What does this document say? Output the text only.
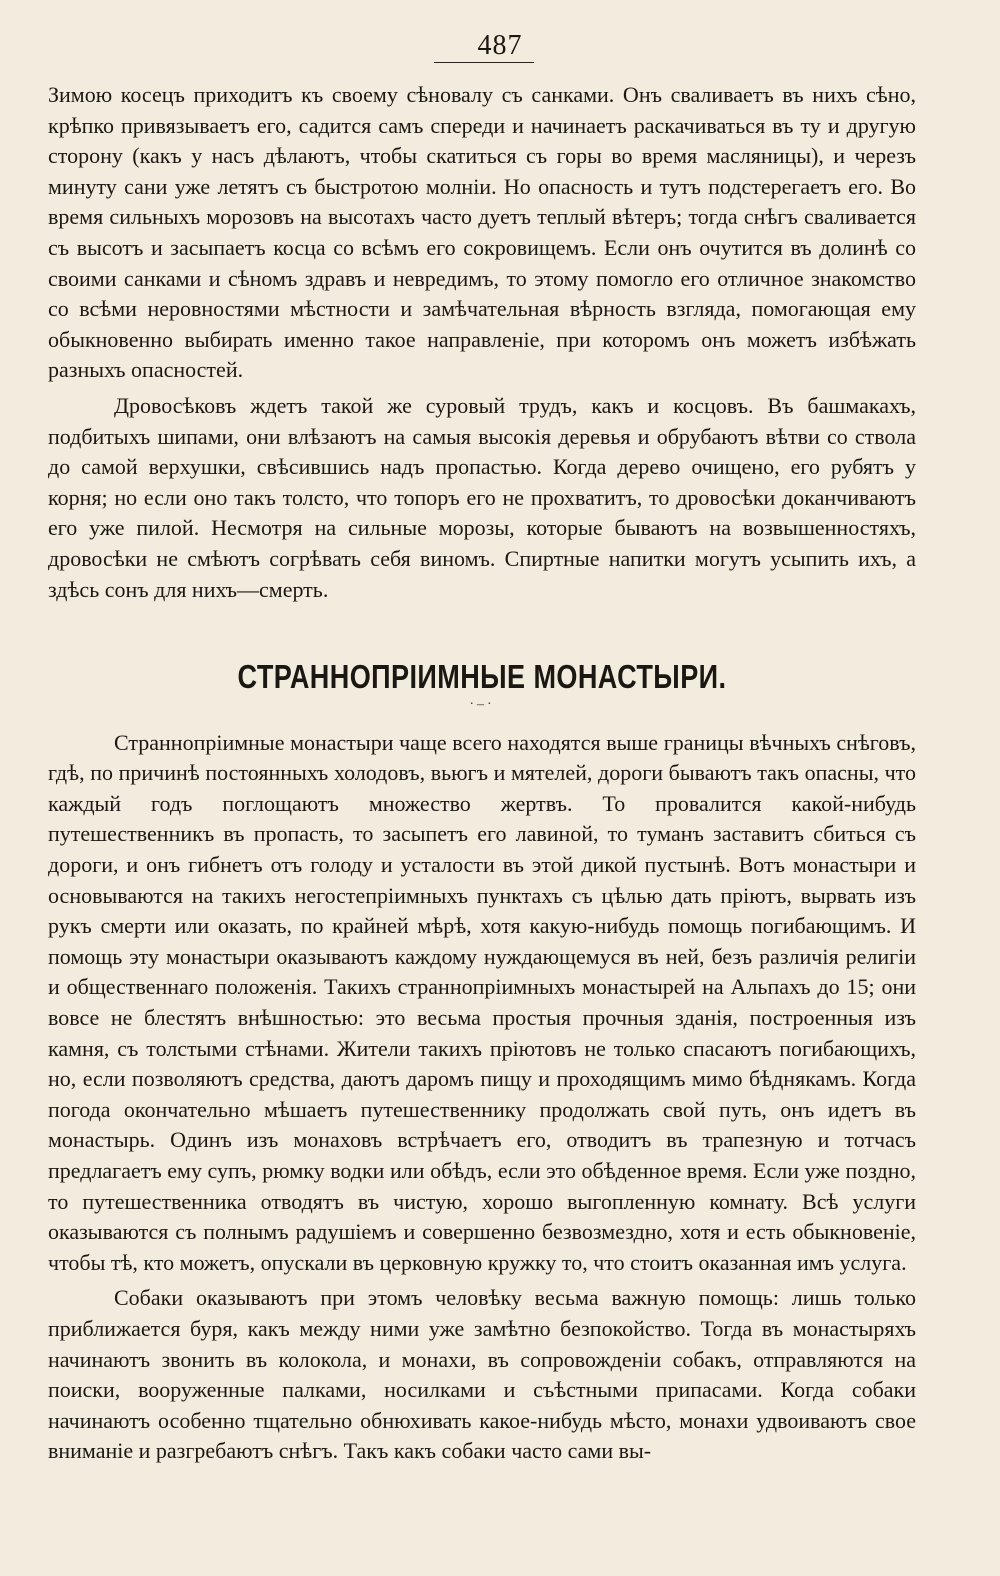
487

Зимою косецъ приходитъ къ своему сѣновалу съ санками. Онъ сваливаетъ въ нихъ сѣно, крѣпко привязываетъ его, садится самъ спереди и начинаетъ раскачиваться въ ту и другую сторону (какъ у насъ дѣлаютъ, чтобы скатиться съ горы во время масляницы), и черезъ минуту сани уже летятъ съ быстротою молніи. Но опасность и тутъ подстерегаетъ его. Во время сильныхъ морозовъ на высотахъ часто дуетъ теплый вѣтеръ; тогда снѣгъ сваливается съ высотъ и засыпаетъ косца со всѣмъ его сокровищемъ. Если онъ очутится въ долинѣ со своими санками и сѣномъ здравъ и невредимъ, то этому помогло его отличное знакомство со всѣми неровностями мѣстности и замѣчательная вѣрность взгляда, помогающая ему обыкновенно выбирать именно такое направленіе, при которомъ онъ можетъ избѣжать разныхъ опасностей.

Дровосѣковъ ждетъ такой же суровый трудъ, какъ и косцовъ. Въ башмакахъ, подбитыхъ шипами, они влѣзаютъ на самыя высокія деревья и обрубаютъ вѣтви со ствола до самой верхушки, свѣсившись надъ пропастью. Когда дерево очищено, его рубятъ у корня; но если оно такъ толсто, что топоръ его не прохватитъ, то дровосѣки доканчиваютъ его уже пилой. Несмотря на сильные морозы, которые бываютъ на возвышенностяхъ, дровосѣки не смѣютъ согрѣвать себя виномъ. Спиртные напитки могутъ усыпить ихъ, а здѣсь сонъ для нихъ—смерть.

СТРАННОПРІИМНЫЕ МОНАСТЫРИ.
·–·

Страннопріимные монастыри чаще всего находятся выше границы вѣчныхъ снѣговъ, гдѣ, по причинѣ постоянныхъ холодовъ, вьюгъ и мятелей, дороги бываютъ такъ опасны, что каждый годъ поглощаютъ множество жертвъ. То провалится какой-нибудь путешественникъ въ пропасть, то засыпетъ его лавиной, то туманъ заставитъ сбиться съ дороги, и онъ гибнетъ отъ голоду и усталости въ этой дикой пустынѣ. Вотъ монастыри и основываются на такихъ негостепріимныхъ пунктахъ съ цѣлью дать пріютъ, вырвать изъ рукъ смерти или оказать, по крайней мѣрѣ, хотя какую-нибудь помощь погибающимъ. И помощь эту монастыри оказываютъ каждому нуждающемуся въ ней, безъ различія религіи и общественнаго положенія. Такихъ страннопріимныхъ монастырей на Альпахъ до 15; они вовсе не блестятъ внѣшностью: это весьма простыя прочныя зданія, построенныя изъ камня, съ толстыми стѣнами. Жители такихъ пріютовъ не только спасаютъ погибающихъ, но, если позволяютъ средства, даютъ даромъ пищу и проходящимъ мимо бѣднякамъ. Когда погода окончательно мѣшаетъ путешественнику продолжать свой путь, онъ идетъ въ монастырь. Одинъ изъ монаховъ встрѣчаетъ его, отводитъ въ трапезную и тотчасъ предлагаетъ ему супъ, рюмку водки или обѣдъ, если это обѣденное время. Если уже поздно, то путешественника отводятъ въ чистую, хорошо выгопленную комнату. Всѣ услуги оказываются съ полнымъ радушіемъ и совершенно безвозмездно, хотя и есть обыкновеніе, чтобы тѣ, кто можетъ, опускали въ церковную кружку то, что стоитъ оказанная имъ услуга.

Собаки оказываютъ при этомъ человѣку весьма важную помощь: лишь только приближается буря, какъ между ними уже замѣтно безпокойство. Тогда въ монастыряхъ начинаютъ звонить въ колокола, и монахи, въ сопровожденіи собакъ, отправляются на поиски, вооруженные палками, носилками и съѣстными припасами. Когда собаки начинаютъ особенно тщательно обнюхивать какое-нибудь мѣсто, монахи удвоиваютъ свое вниманіе и разгребаютъ снѣгъ. Такъ какъ собаки часто сами вы-
